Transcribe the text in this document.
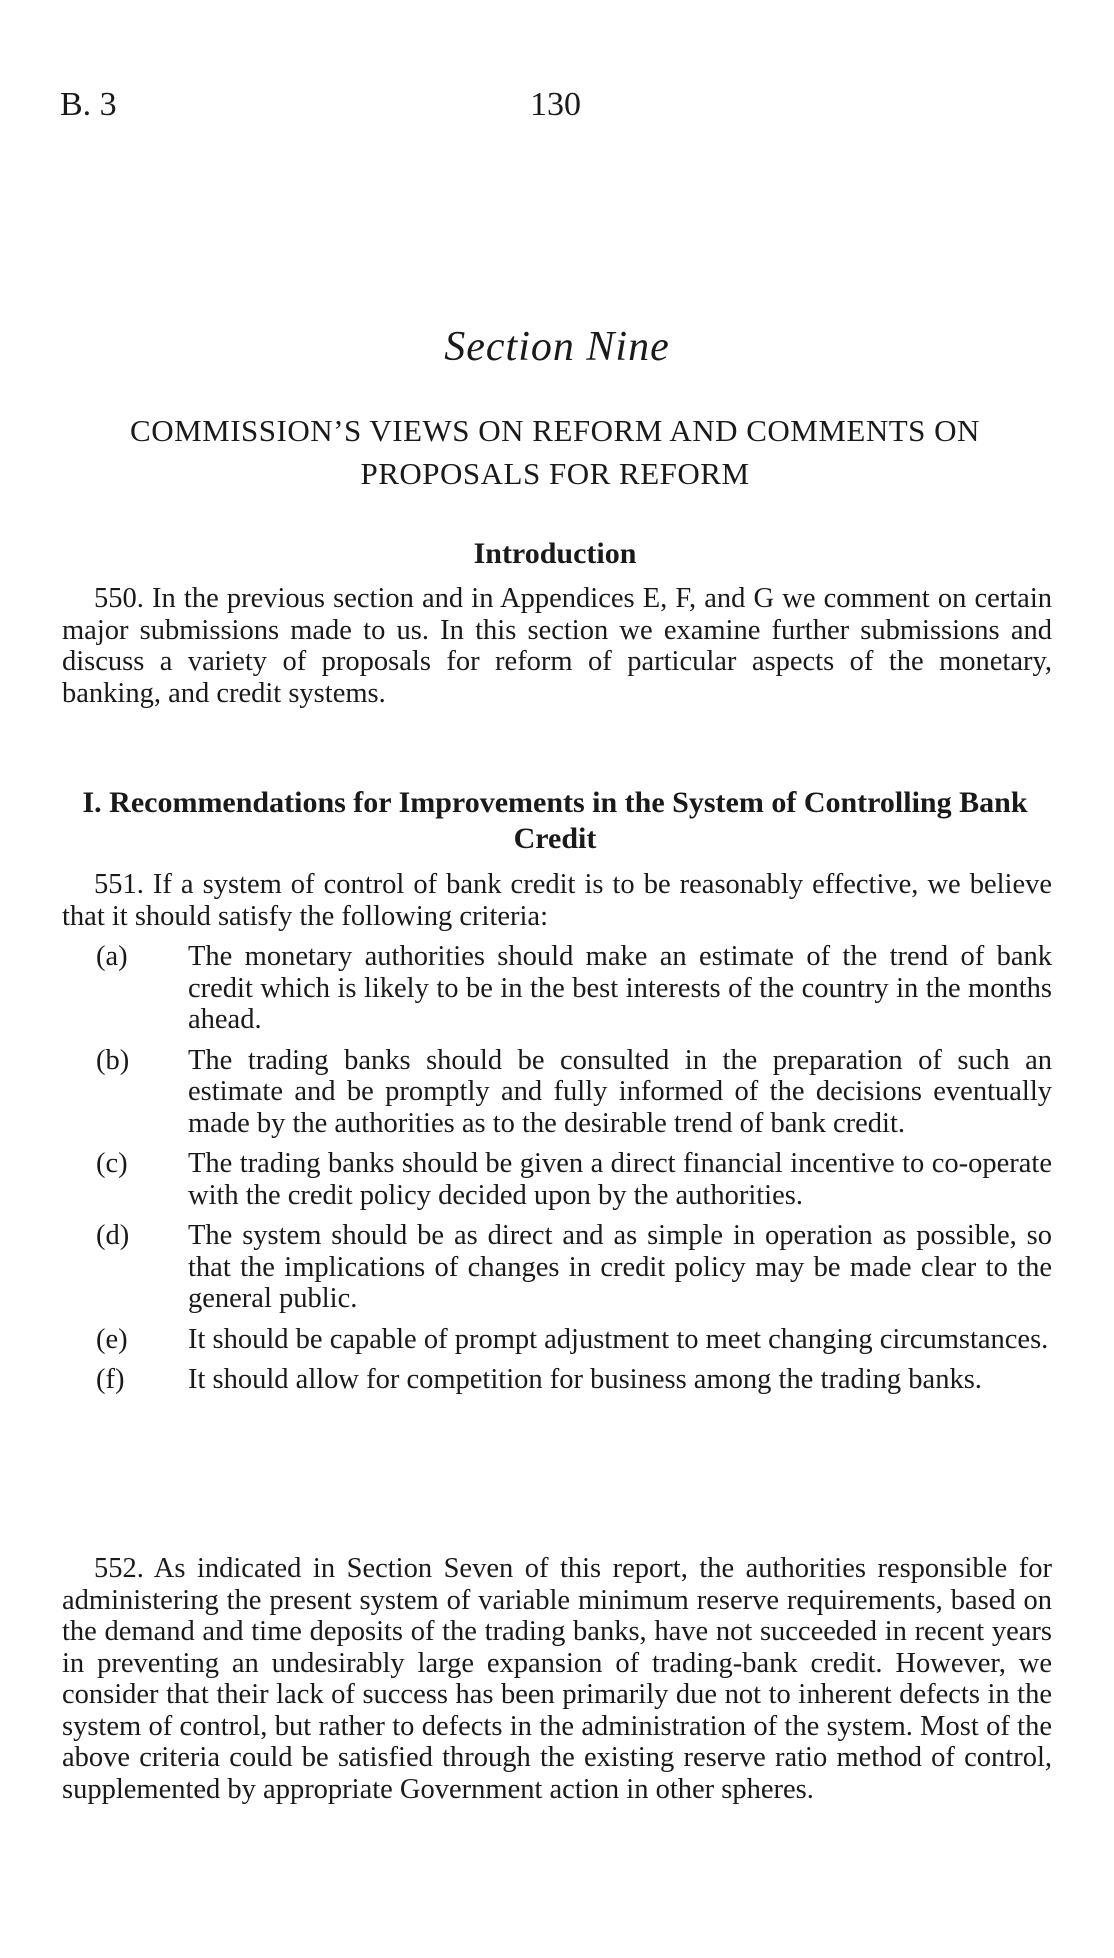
B. 3	130
Section Nine
COMMISSION’S VIEWS ON REFORM AND COMMENTS ON PROPOSALS FOR REFORM
Introduction

550. In the previous section and in Appendices E, F, and G we comment on certain major submissions made to us. In this section we examine further submissions and discuss a variety of proposals for reform of particular aspects of the monetary, banking, and credit systems.

I. Recommendations for Improvements in the System of Controlling Bank Credit

551. If a system of control of bank credit is to be reasonably effective, we believe that it should satisfy the following criteria:

(a) The monetary authorities should make an estimate of the trend of bank credit which is likely to be in the best interests of the country in the months ahead.
(b) The trading banks should be consulted in the preparation of such an estimate and be promptly and fully informed of the decisions eventually made by the authorities as to the desirable trend of bank credit.
(c) The trading banks should be given a direct financial incentive to co-operate with the credit policy decided upon by the authorities.
(d) The system should be as direct and as simple in operation as possible, so that the implications of changes in credit policy may be made clear to the general public.
(e) It should be capable of prompt adjustment to meet changing circumstances.
(f) It should allow for competition for business among the trading banks.

552. As indicated in Section Seven of this report, the authorities responsible for administering the present system of variable minimum reserve requirements, based on the demand and time deposits of the trading banks, have not succeeded in recent years in preventing an undesirably large expansion of trading-bank credit. However, we consider that their lack of success has been primarily due not to inherent defects in the system of control, but rather to defects in the administration of the system. Most of the above criteria could be satisfied through the existing reserve ratio method of control, supplemented by appropriate Government action in other spheres.
